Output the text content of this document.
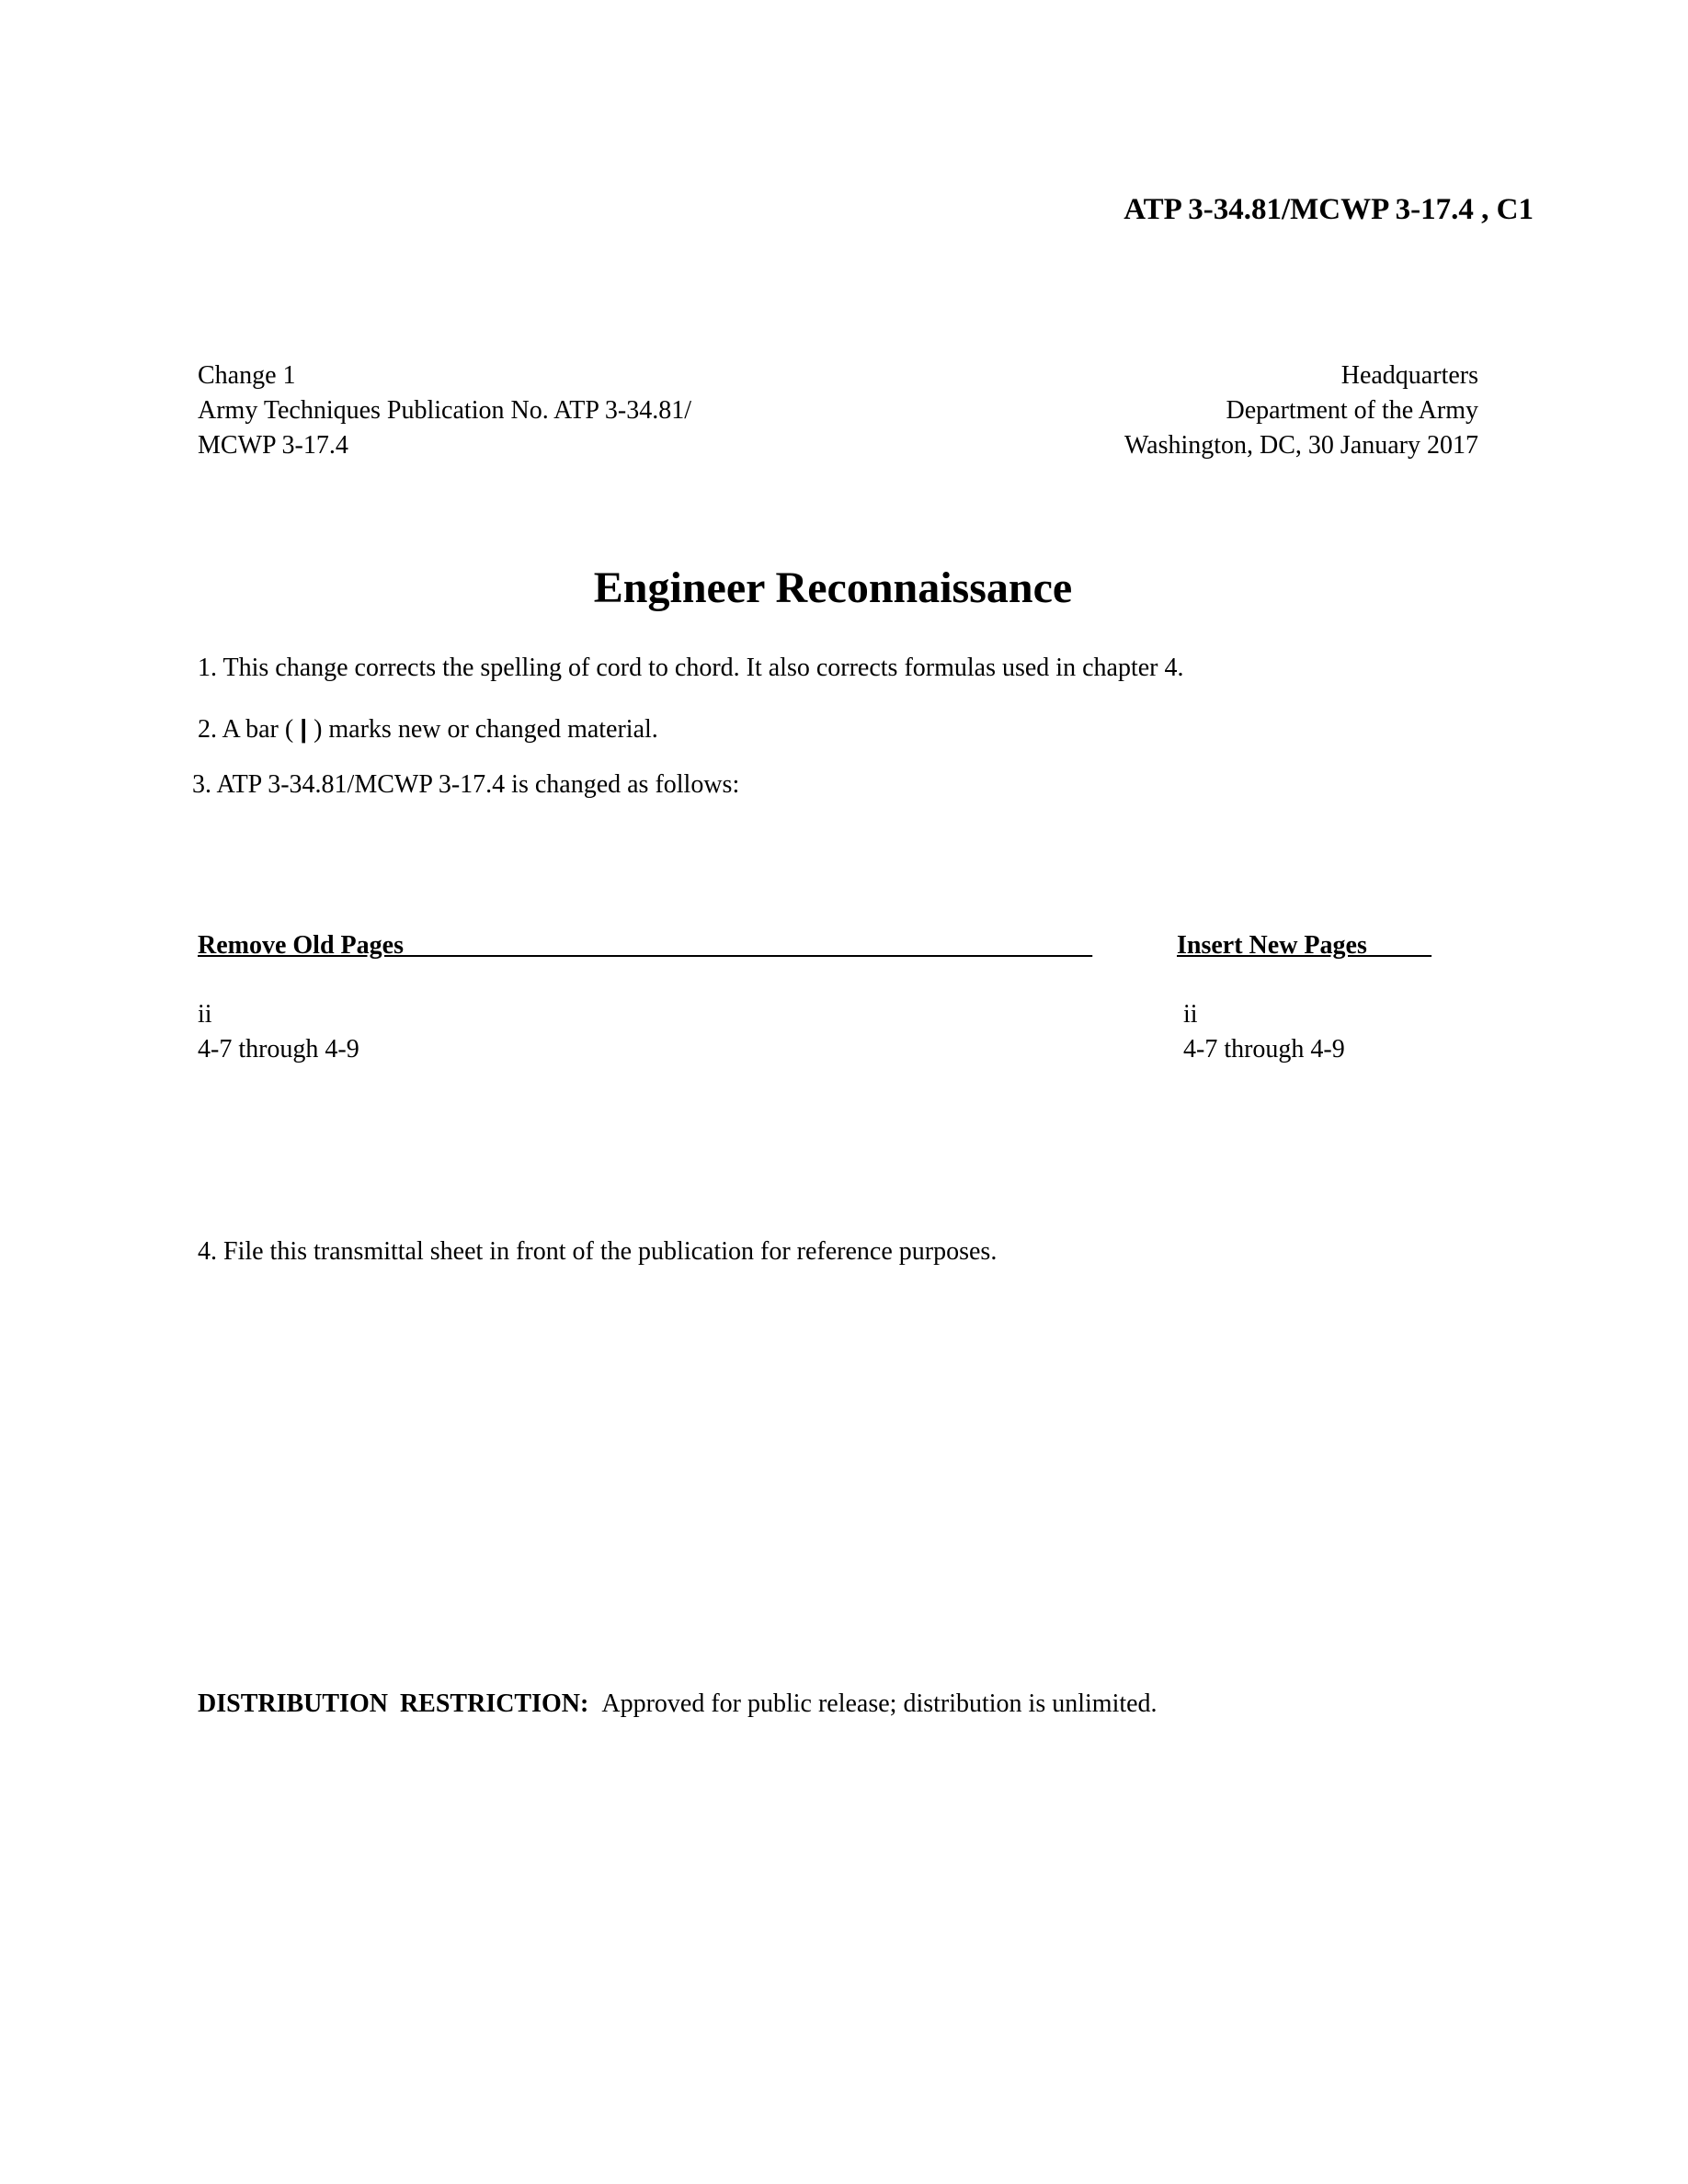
ATP 3-34.81/MCWP 3-17.4 , C1
Change 1
Army Techniques Publication No. ATP 3-34.81/
MCWP 3-17.4
Headquarters
Department of the Army
Washington, DC, 30 January 2017
Engineer Reconnaissance
1. This change corrects the spelling of cord to chord. It also corrects formulas used in chapter 4.
2. A bar ( | ) marks new or changed material.
3. ATP 3-34.81/MCWP 3-17.4 is changed as follows:
Remove Old Pages______________________________________________ _______	Insert New Pages_____
ii
4-7 through 4-9
ii
4-7 through 4-9
4. File this transmittal sheet in front of the publication for reference purposes.
DISTRIBUTION RESTRICTION: Approved for public release; distribution is unlimited.
